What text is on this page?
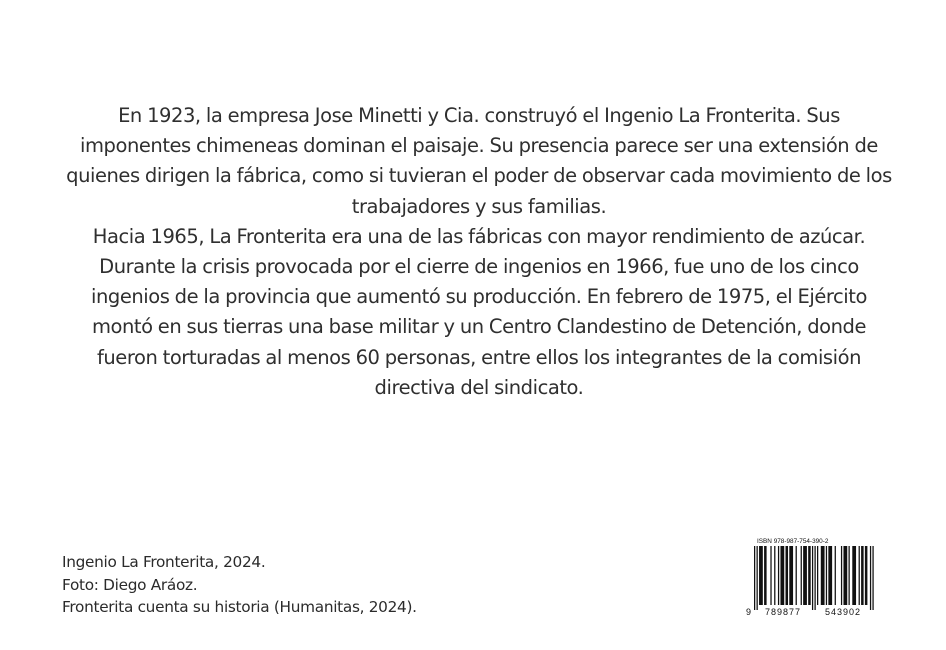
En 1923, la empresa Jose Minetti y Cia. construyó el Ingenio La Fronterita. Sus imponentes chimeneas dominan el paisaje. Su presencia parece ser una extensión de quienes dirigen la fábrica, como si tuvieran el poder de observar cada movimiento de los trabajadores y sus familias.

Hacia 1965, La Fronterita era una de las fábricas con mayor rendimiento de azúcar. Durante la crisis provocada por el cierre de ingenios en 1966, fue uno de los cinco ingenios de la provincia que aumentó su producción. En febrero de 1975, el Ejército montó en sus tierras una base militar y un Centro Clandestino de Detención, donde fueron torturadas al menos 60 personas, entre ellos los integrantes de la comisión directiva del sindicato.

Ingenio La Fronterita, 2024.
Foto: Diego Aráoz.
Fronterita cuenta su historia (Humanitas, 2024).
ISBN 978-987-754-390-2
9 789877	543902
